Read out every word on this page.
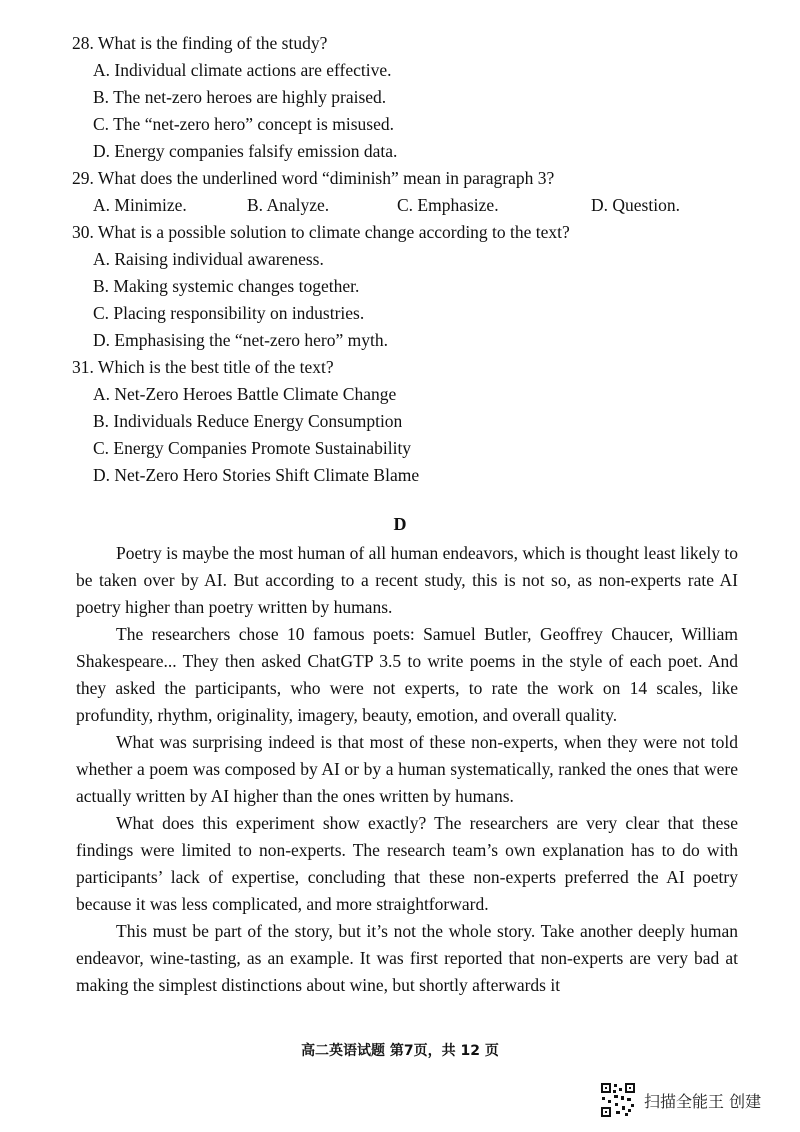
28. What is the finding of the study?
A. Individual climate actions are effective.
B. The net-zero heroes are highly praised.
C. The “net-zero hero” concept is misused.
D. Energy companies falsify emission data.
29. What does the underlined word “diminish” mean in paragraph 3?
A. Minimize.	B. Analyze.	C. Emphasize.	D. Question.
30. What is a possible solution to climate change according to the text?
A. Raising individual awareness.
B. Making systemic changes together.
C. Placing responsibility on industries.
D. Emphasising the “net-zero hero” myth.
31. Which is the best title of the text?
A. Net-Zero Heroes Battle Climate Change
B. Individuals Reduce Energy Consumption
C. Energy Companies Promote Sustainability
D. Net-Zero Hero Stories Shift Climate Blame
D

Poetry is maybe the most human of all human endeavors, which is thought least likely to be taken over by AI. But according to a recent study, this is not so, as non-experts rate AI poetry higher than poetry written by humans.

The researchers chose 10 famous poets: Samuel Butler, Geoffrey Chaucer, William Shakespeare... They then asked ChatGTP 3.5 to write poems in the style of each poet. And they asked the participants, who were not experts, to rate the work on 14 scales, like profundity, rhythm, originality, imagery, beauty, emotion, and overall quality.

What was surprising indeed is that most of these non-experts, when they were not told whether a poem was composed by AI or by a human systematically, ranked the ones that were actually written by AI higher than the ones written by humans.

What does this experiment show exactly? The researchers are very clear that these findings were limited to non-experts. The research team’s own explanation has to do with participants’ lack of expertise, concluding that these non-experts preferred the AI poetry because it was less complicated, and more straightforward.

This must be part of the story, but it’s not the whole story. Take another deeply human endeavor, wine-tasting, as an example. It was first reported that non-experts are very bad at making the simplest distinctions about wine, but shortly afterwards it

高二英语试题 第7页，共 12 页
扫描全能王 创建
